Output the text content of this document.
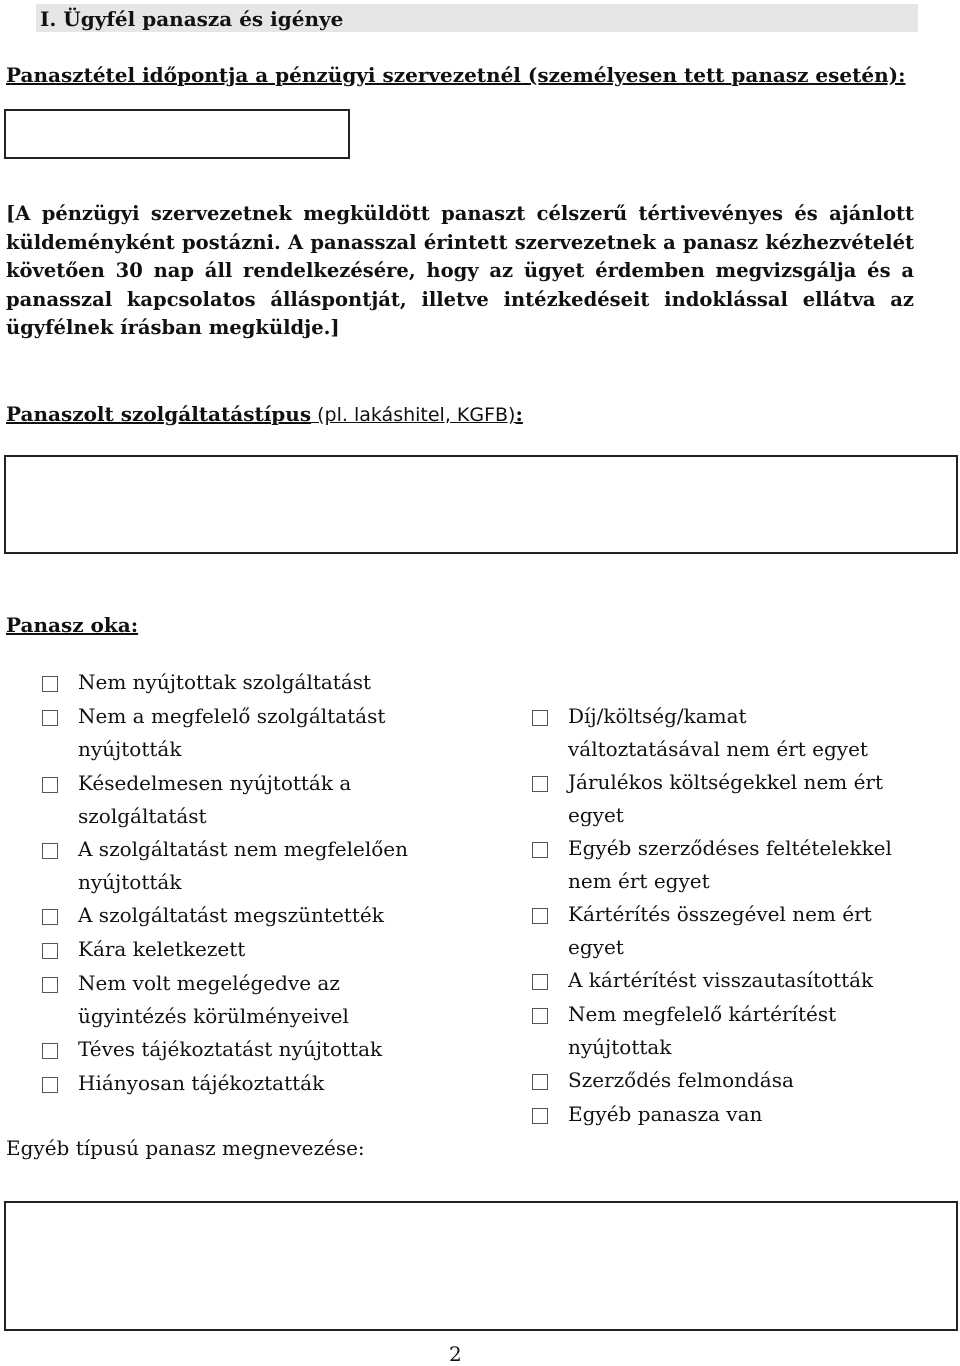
I. Ügyfél panasza és igénye
Panasztétel időpontja a pénzügyi szervezetnél (személyesen tett panasz esetén):
[A pénzügyi szervezetnek megküldött panaszt célszerű tértivevényes és ajánlott küldeményként postázni. A panasszal érintett szervezetnek a panasz kézhezvételét követően 30 nap áll rendelkezésére, hogy az ügyet érdemben megvizsgálja és a panasszal kapcsolatos álláspontját, illetve intézkedéseit indoklással ellátva az ügyfélnek írásban megküldje.]
Panaszolt szolgáltatástípus (pl. lakáshitel, KGFB):
Panasz oka:
Nem nyújtottak szolgáltatást
Nem a megfelelő szolgáltatást
nyújtották
Késedelmesen nyújtották a
szolgáltatást
A szolgáltatást nem megfelelően
nyújtották
A szolgáltatást megszüntették
Kára keletkezett
Nem volt megelégedve az
ügyintézés körülményeivel
Téves tájékoztatást nyújtottak
Hiányosan tájékoztatták
Díj/költség/kamat
változtatásával nem ért egyet
Járulékos költségekkel nem ért
egyet
Egyéb szerződéses feltételekkel
nem ért egyet
Kártérítés összegével nem ért
egyet
A kártérítést visszautasították
Nem megfelelő kártérítést
nyújtottak
Szerződés felmondása
Egyéb panasza van
Egyéb típusú panasz megnevezése:
2
